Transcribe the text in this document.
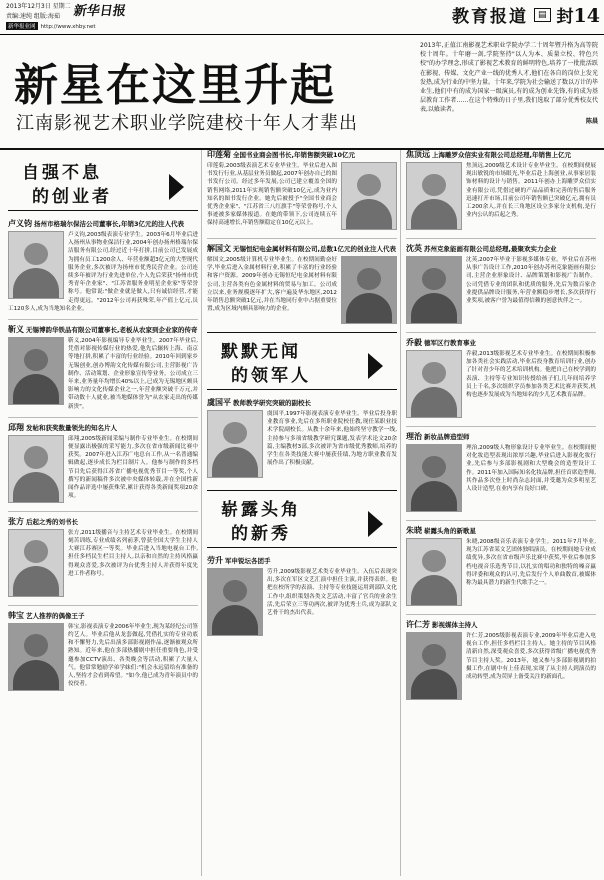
2013年12月3日 星期二
责编:速纯 组版:海茹 新华日报
新华报业网 http://www.xhby.net	教育报道	▤ 封14
新星在这里升起
江南影视艺术职业学院建校十年人才辈出
2013年,正值江南影视艺术职业学院办学二十周年暨升格为高等院校十周年。十年磨一剑,学院坚持"以人为本、质量立校、特色兴校"的办学理念,形成了影视艺术教育的鲜明特色,培养了一批批活跃在影视、传媒、文化产业一线的优秀人才,他们在各自的岗位上发光发热,成为行业的中坚力量。十年来,学院为社会输送了数以万计的毕业生,他们中有的成为国家一级演员,有的成为创业先锋,有的成为基层教育工作者……在这个特殊的日子里,我们选取了部分优秀校友代表,以飨读者。
陈晨
自强不息
的创业者
卢义钧 扬州市格瑞尔保洁公司董事长,年销3亿元的注人代表
卢义钧,2003级表演专业学生。2003年6月毕业后进入扬州从事物业保洁行业,2004年创办扬州格瑞尔保洁服务有限公司,经过近十年打拼,目前公司已发展成为拥有员工1200余人、年营业额超3亿元的大型现代服务企业,多次被评为扬州市优秀民营企业。公司连续多年被评为行业先进单位,个人先后荣获"扬州市优秀青年企业家"、"江苏省服务业明星企业家"等荣誉称号。他常说:"做企业就是做人,只有诚信经营,才能走得更远。"2012年公司再获殊荣,年产值上亿元,员工120多人,成为当地知名企业。
靳义 无锡博韵华铁品有限公司董事长,老板从农家到企业家的传奇
靳义,2004年影视编导专业毕业生。2007年毕业后,凭借对影视传媒行业的热爱,他先后辗转上海、南京等地打拼,积累了丰富的行业经验。2010年回到家乡无锡创业,创办博韵文化传媒有限公司,主营影视广告制作、活动策划、企业形象宣传等业务。公司成立三年来,业务量年均增长40%以上,已成为无锡地区颇具影响力的文化传媒企业之一,年营业额突破千万元,并带动数十人就业,被当地媒体誉为"从农家走出的传媒新贵"。
邱翔 发帖和获奖数量领先的知名片人
邱翔,2005级新闻采编与制作专业毕业生。在校期间便显露出极强的采写能力,多次在省市级新闻比赛中获奖。2007年进入江苏广电总台工作,从一名普通编辑做起,逐步成长为栏目制片人。他参与制作的多档节目先后获得江苏省广播电视优秀节目一等奖,个人撰写的新闻稿件多次被中央媒体转载,并在全国性新闻作品评选中屡获殊荣,累计获得各类新闻奖项20余项。
张方 后起之秀的刘书长
张方,2011级播音与主持艺术专业毕业生。在校期间刻苦训练,专业成绩名列前茅,曾获全国大学生主持人大赛江苏赛区一等奖。毕业后进入当地电视台工作,担任多档民生栏目主持人,以亲和自然的主持风格赢得观众喜爱,多次被评为台优秀主持人并获得年度先进工作者称号。
韩宝 艺人推荐的偶像王子
韩宝,影视表演专业2006年毕业生,现为某经纪公司签约艺人。毕业后他从龙套做起,凭借扎实的专业功底和不懈努力,先后出演多部影视剧作品,逐渐被观众所熟知。近年来,他在多部热播剧中担任重要角色,并受邀参加CCTV演出、各类晚会等活动,积累了大量人气。他常常勉励学弟学妹们:"机会永远留给有准备的人,坚持才会看到希望。"如今,他已成为青年演员中的佼佼者。
印莲菊 全国书业商会图书长,年销售额突破10亿元
印莲菊,2003级表演艺术专业毕业生。毕业后进入图书发行行业,从基层业务员做起,2007年创办自己的图书发行公司。经过多年发展,公司已建立覆盖全国的销售网络,2011年实现销售额突破10亿元,成为业内知名的图书发行企业。她先后被授予"全国书业商会优秀企业家"、"江苏省三八红旗手"等荣誉称号,个人事迹被多家媒体报道。在她的带领下,公司连续五年保持高速增长,年销售额稳定在10亿元以上。
解国文 无锡恒纪电金属材料有限公司,总数1亿元的创业注人代表
解国文,2005级计算机专业毕业生。在校期间勤奋好学,毕业后进入金属材料行业,积累了丰富的行业经验和客户资源。2009年创办无锡恒纪电金属材料有限公司,主营各类有色金属材料的贸易与加工。公司成立以来,业务规模逐年扩大,客户遍及华东地区,2012年销售总额突破1亿元,并在当地同行业中占据重要位置,成为区域内颇具影响力的企业。
默默无闻
的领军人
虞国平 教师教学研究突破的副校长
虞国平,1997年影视表演专业毕业生。毕业后投身职业教育事业,先后在多所职业院校任教,现任某职业技术学院副校长。从教十余年来,他始终坚守教学一线,主持参与多项省级教学研究课题,发表学术论文20余篇,主编教材3部,多次被评为省市级优秀教师,培养的学生在各类技能大赛中屡获佳绩,为地方职业教育发展作出了积极贡献。
崭露头角
的新秀
劳升 军申锐坛各团手
劳升,2009级影视艺术类专业毕业生。入伍后表现突出,多次在军区文艺汇演中担任主演,并获得表彰。他把在校所学的表演、主持等专业技能运用到部队文化工作中,组织策划各类文艺活动,丰富了官兵的业余生活,先后荣立三等功两次,被评为优秀士兵,成为部队文艺骨干的杰出代表。
焦顶远 上海雕罗众信实业有限公司总经理,年销售上亿元
焦顶远,2009级艺术设计专业毕业生。在校期间便展现出敏锐的市场眼光,毕业后赴上海创业,从事家居装饰材料的设计与销售。2011年创办上海雕罗众信实业有限公司,凭借过硬的产品品质和完善的售后服务迅速打开市场,目前公司年销售额已突破亿元,拥有员工200余人,并在长三角地区设立多家分支机构,是行业内公认的后起之秀。
沈英 苏州克象能画有限公司总经理,最聚欢实力企业
沈英,2007年毕业于影视多媒体专业。毕业后在苏州从事广告设计工作,2010年创办苏州克象能画有限公司,主营企业形象设计、品牌策划和影视广告制作。公司凭借专业的团队和优质的服务,先后为数百家企业提供品牌设计服务,年营业额稳步增长,多次获得行业奖项,被客户誉为最值得信赖的创意伙伴之一。
乔毅 德军区行教育事业
乔毅,2013级影视艺术专业毕业生。在校期间积极参加各类社会实践活动,毕业后投身教育培训行业,创办了针对青少年的艺术培训机构。他把自己在校学到的表演、主持等专业知识传授给孩子们,几年间培养学员上千名,多次组织学员参加各类艺术比赛并获奖,机构也逐步发展成为当地知名的少儿艺术教育品牌。
理治 新妆品牌造型师
理治,2009级人物形象设计专业毕业生。在校期间便对化妆造型表现出浓厚兴趣,毕业后进入影视化妆行业,先后参与多部影视剧和大型晚会的造型设计工作。2011年加入国际知名化妆品牌,担任首席造型师,其作品多次登上时尚杂志封面,并受邀为众多明星艺人设计造型,在业内享有良好口碑。
朱晓 崭露头角的新歌星
朱晓,2008级音乐表演专业学生。2011年7月毕业,现为江苏省某文艺团体独唱演员。在校期间她专业成绩优异,多次在省市级声乐比赛中获奖,毕业后参加多档电视音乐选秀节目,以扎实的唱功和独特的嗓音赢得评委和观众的认可,先后发行个人单曲数首,被媒体称为最具潜力的新生代歌手之一。
许仁芳 影视媒体主持人
许仁芳,2005级影视表演专业,2009年毕业后进入电视台工作,担任多档栏目主持人。她主持的节目风格清新自然,深受观众喜爱,多次获得省级广播电视优秀节目主持人奖。2013年，她又参与多部影视剧的拍摄工作,在剧中有上佳表现,实现了从主持人到演员的成功转型,成为荧屏上备受关注的新面孔。
